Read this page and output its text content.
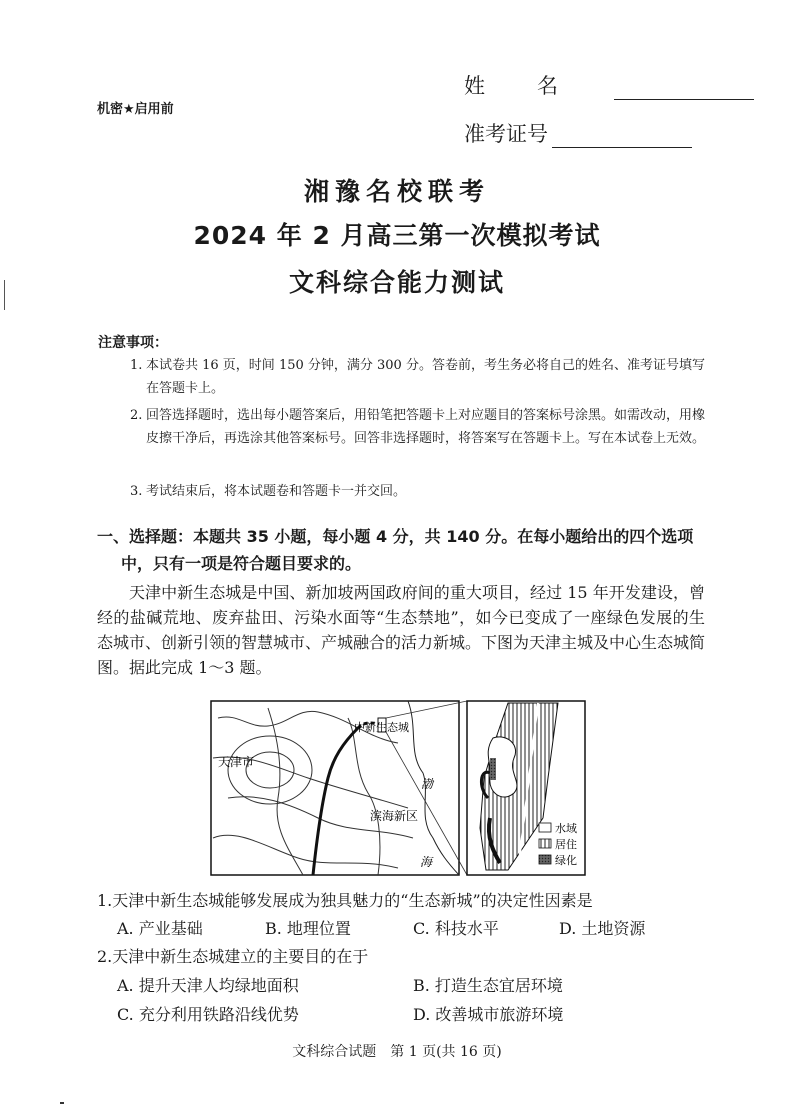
机密★启用前
姓名
准考证号
湘豫名校联考
2024 年 2 月高三第一次模拟考试
文科综合能力测试
注意事项：
1. 本试卷共 16 页，时间 150 分钟，满分 300 分。答卷前，考生务必将自己的姓名、准考证号填写在答题卡上。
2. 回答选择题时，选出每小题答案后，用铅笔把答题卡上对应题目的答案标号涂黑。如需改动，用橡皮擦干净后，再选涂其他答案标号。回答非选择题时，将答案写在答题卡上。写在本试卷上无效。
3. 考试结束后，将本试题卷和答题卡一并交回。
一、选择题：本题共 35 小题，每小题 4 分，共 140 分。在每小题给出的四个选项
中，只有一项是符合题目要求的。
天津中新生态城是中国、新加坡两国政府间的重大项目，经过 15 年开发建设，曾经的盐碱荒地、废弃盐田、污染水面等“生态禁地”，如今已变成了一座绿色发展的生态城市、创新引领的智慧城市、产城融合的活力新城。下图为天津主城及中心生态城简图。据此完成 1～3 题。
中新生态城
天津市
渤
滨海新区
海
水域
居住
绿化
1.天津中新生态城能够发展成为独具魅力的“生态新城”的决定性因素是
A. 产业基础	B. 地理位置	C. 科技水平	D. 土地资源
2.天津中新生态城建立的主要目的在于
A. 提升天津人均绿地面积	B. 打造生态宜居环境
C. 充分利用铁路沿线优势	D. 改善城市旅游环境
文科综合试题　第 1 页(共 16 页)
